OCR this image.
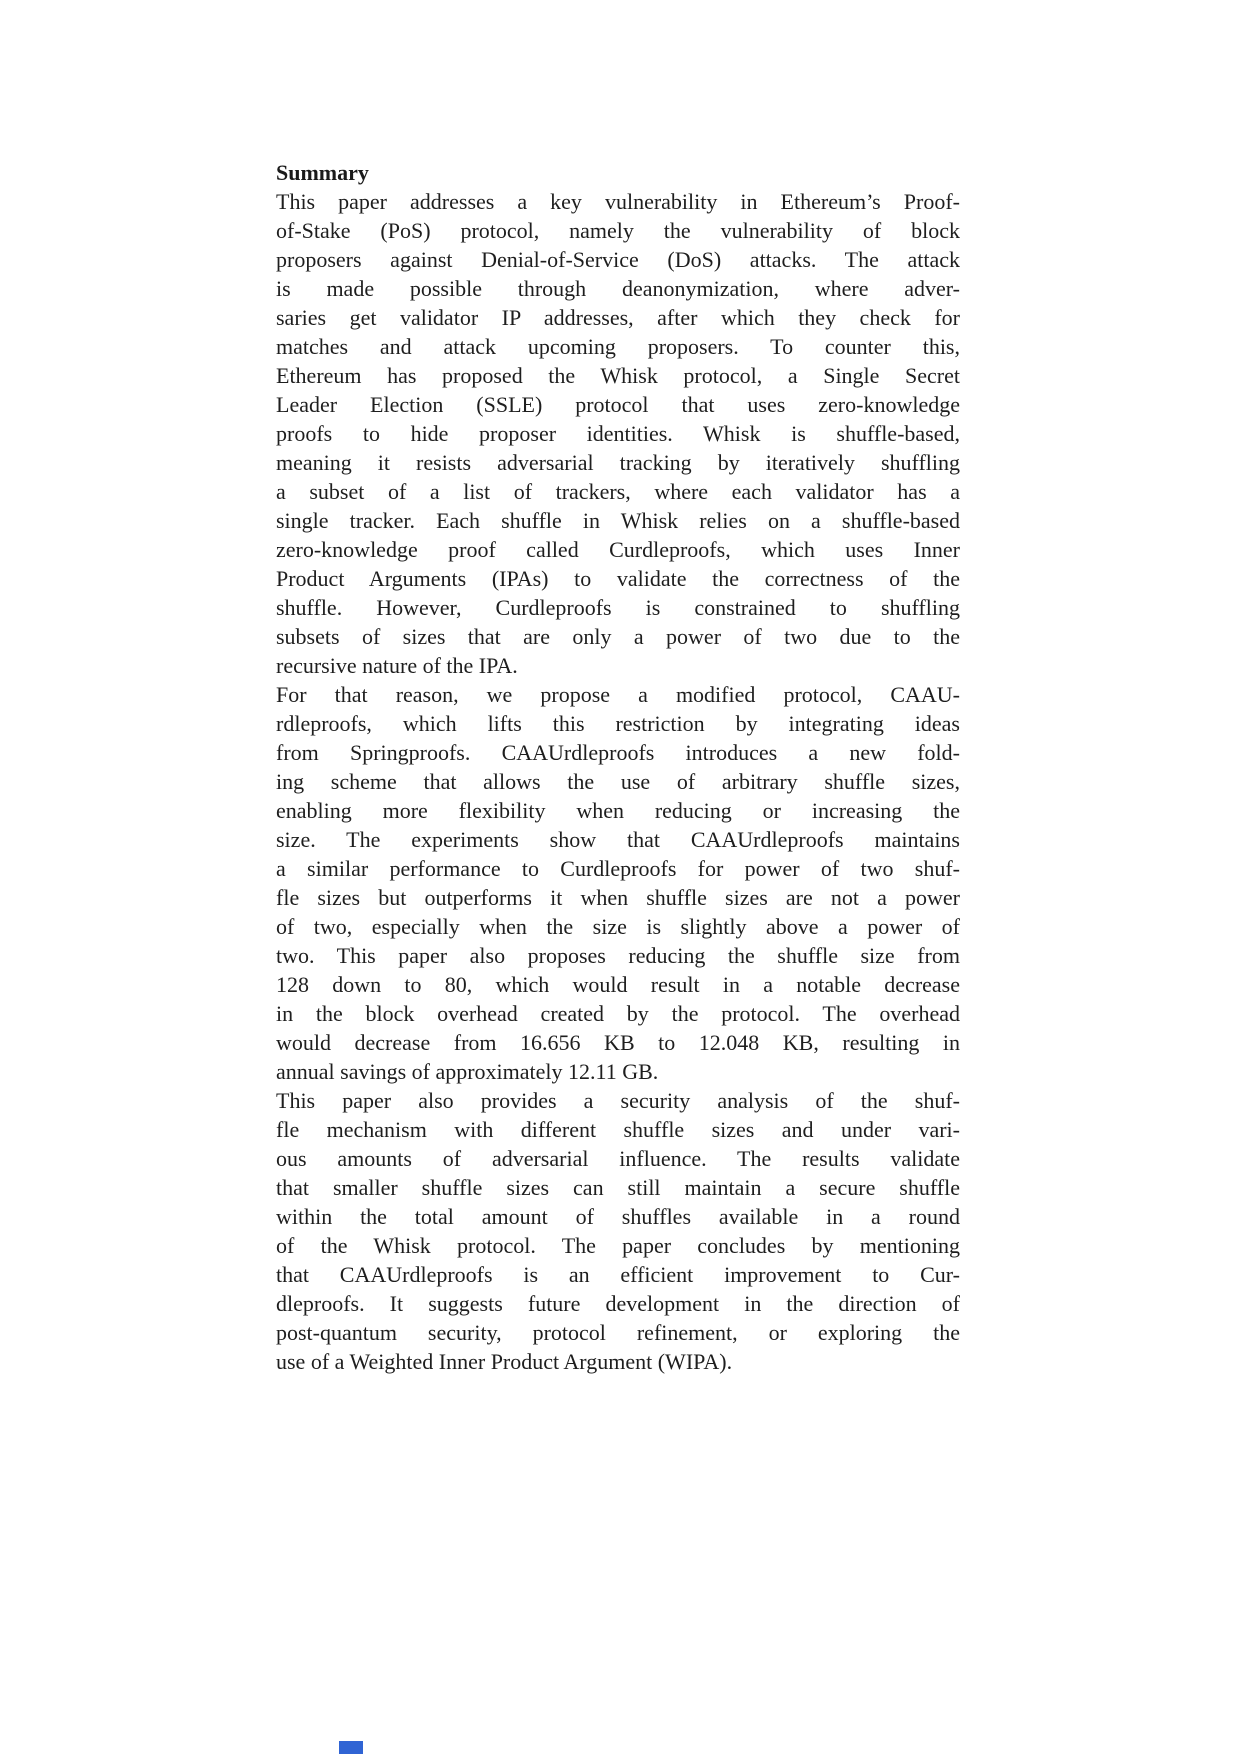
Summary
This paper addresses a key vulnerability in Ethereum’s Proof-
of-Stake (PoS) protocol, namely the vulnerability of block
proposers against Denial-of-Service (DoS) attacks. The attack
is made possible through deanonymization, where adver-
saries get validator IP addresses, after which they check for
matches and attack upcoming proposers. To counter this,
Ethereum has proposed the Whisk protocol, a Single Secret
Leader Election (SSLE) protocol that uses zero-knowledge
proofs to hide proposer identities. Whisk is shuffle-based,
meaning it resists adversarial tracking by iteratively shuffling
a subset of a list of trackers, where each validator has a
single tracker. Each shuffle in Whisk relies on a shuffle-based
zero-knowledge proof called Curdleproofs, which uses Inner
Product Arguments (IPAs) to validate the correctness of the
shuffle. However, Curdleproofs is constrained to shuffling
subsets of sizes that are only a power of two due to the
recursive nature of the IPA.
For that reason, we propose a modified protocol, CAAU-
rdleproofs, which lifts this restriction by integrating ideas
from Springproofs. CAAUrdleproofs introduces a new fold-
ing scheme that allows the use of arbitrary shuffle sizes,
enabling more flexibility when reducing or increasing the
size. The experiments show that CAAUrdleproofs maintains
a similar performance to Curdleproofs for power of two shuf-
fle sizes but outperforms it when shuffle sizes are not a power
of two, especially when the size is slightly above a power of
two. This paper also proposes reducing the shuffle size from
128 down to 80, which would result in a notable decrease
in the block overhead created by the protocol. The overhead
would decrease from 16.656 KB to 12.048 KB, resulting in
annual savings of approximately 12.11 GB.
This paper also provides a security analysis of the shuf-
fle mechanism with different shuffle sizes and under vari-
ous amounts of adversarial influence. The results validate
that smaller shuffle sizes can still maintain a secure shuffle
within the total amount of shuffles available in a round
of the Whisk protocol. The paper concludes by mentioning
that CAAUrdleproofs is an efficient improvement to Cur-
dleproofs. It suggests future development in the direction of
post-quantum security, protocol refinement, or exploring the
use of a Weighted Inner Product Argument (WIPA).
